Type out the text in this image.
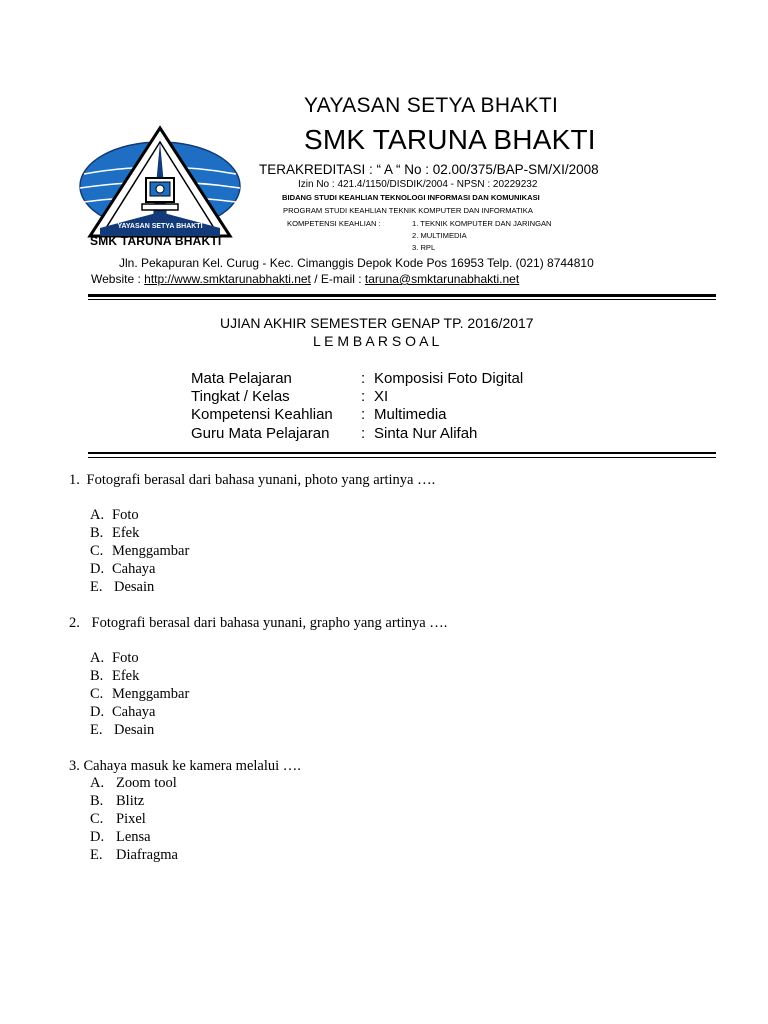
YAYASAN SETYA BHAKTI
SMK TARUNA BHAKTI
YAYASAN SETYA BHAKTI
SMK TARUNA BHAKTI
TERAKREDITASI : “ A “ No : 02.00/375/BAP-SM/XI/2008
Izin No : 421.4/1150/DISDIK/2004 - NPSN : 20229232
BIDANG STUDI KEAHLIAN TEKNOLOGI INFORMASI DAN KOMUNIKASI
PROGRAM STUDI KEAHLIAN TEKNIK KOMPUTER DAN INFORMATIKA
KOMPETENSI KEAHLIAN :	1. TEKNIK KOMPUTER DAN JARINGAN
2. MULTIMEDIA
3. RPL
Jln. Pekapuran Kel. Curug - Kec. Cimanggis Depok Kode Pos 16953 Telp. (021) 8744810
Website : http://www.smktarunabhakti.net / E-mail : taruna@smktarunabhakti.net
UJIAN AKHIR SEMESTER GENAP TP. 2016/2017
L E M B A R S O A L
Mata Pelajaran	: Komposisi Foto Digital
Tingkat / Kelas	: XI
Kompetensi Keahlian : Multimedia
Guru Mata Pelajaran : Sinta Nur Alifah
1. Fotografi berasal dari bahasa yunani, photo yang artinya ….
A. Foto
B. Efek
C. Menggambar
D. Cahaya
E. Desain
2. Fotografi berasal dari bahasa yunani, grapho yang artinya ….
A. Foto
B. Efek
C. Menggambar
D. Cahaya
E. Desain
3. Cahaya masuk ke kamera melalui ….
A. Zoom tool
B. Blitz
C. Pixel
D. Lensa
E. Diafragma
